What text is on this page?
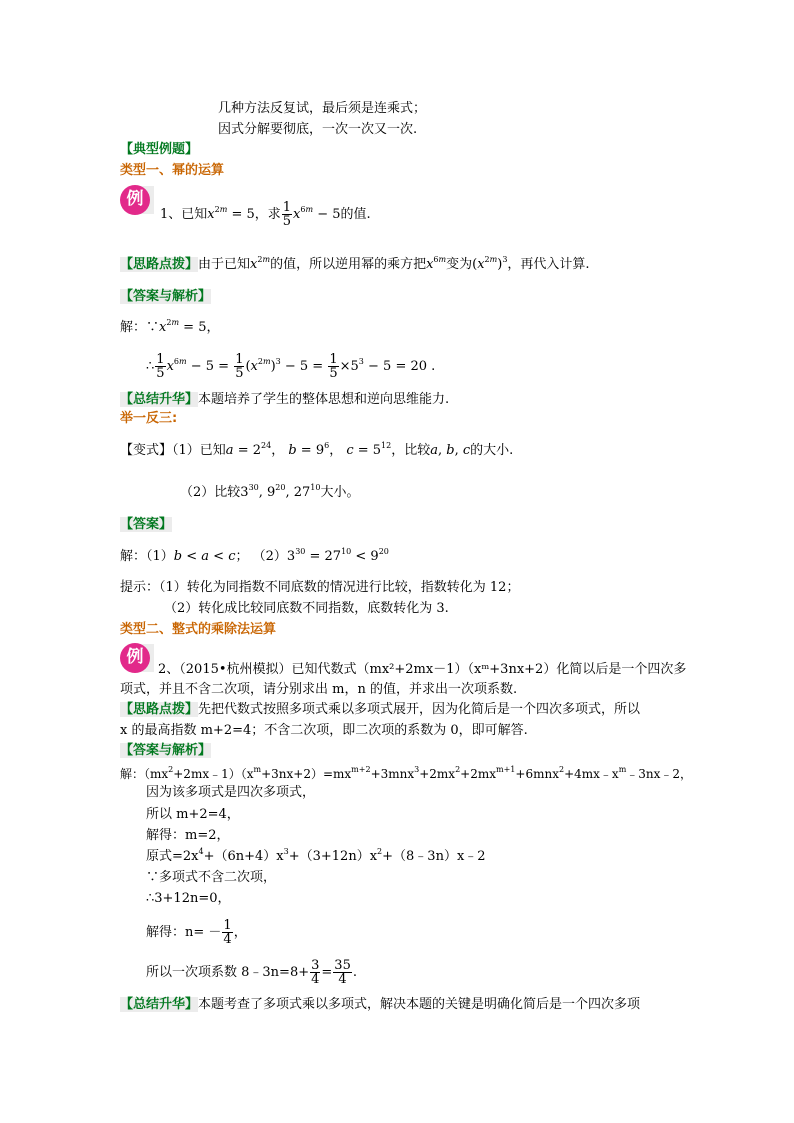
几种方法反复试，最后须是连乘式；
因式分解要彻底，一次一次又一次.
【典型例题】
类型一、幂的运算
例
1、已知$x^{2m} = 5$，求 $\frac{1}{5} x^{6m} - 5$的值.
【思路点拨】由于已知$x^{2m}$的值，所以逆用幂的乘方把$x^{6m}$变为$(x^{2m})^3$，再代入计算.
【答案与解析】
解：$\because x^{2m} = 5$，
∴ $\frac{1}{5} x^{6m} - 5 = \frac{1}{5} (x^{2m})^3 - 5 = \frac{1}{5} \times 5^3 - 5 = 20$ .
【总结升华】本题培养了学生的整体思想和逆向思维能力.
举一反三:
【变式】（1）已知$a = 2^{24}$， $b = 9^6$， $c = 5^{12}$，比较a, b, c的大小.
（2）比较$3^{30}$, $9^{20}$, $27^{10}$大小。
【答案】
解：（1）b < a < c； $(2)3^{30} = 27^{10} < 9^{20}$
提示：（1）转化为同指数不同底数的情况进行比较，指数转化为 12；
（2）转化成比较同底数不同指数，底数转化为 3.
类型二、整式的乘除法运算
例
2、（2015•杭州模拟）已知代数式（mx²+2mx－1）（xᵐ+3nx+2）化简以后是一个四次多
项式，并且不含二次项，请分别求出 m，n 的值，并求出一次项系数.
【思路点拨】先把代数式按照多项式乘以多项式展开，因为化简后是一个四次多项式，所以
x 的最高指数 m+2=4；不含二次项，即二次项的系数为 0，即可解答.
【答案与解析】
解：$(mx^2+2mx﹣1)(x^m+3nx+2)=mx^{m+2}+3mnx^3+2mx^2+2mx^{m+1}+6mnx^2+4mx﹣x^m﹣3nx﹣2$，
因为该多项式是四次多项式，
所以 m+2=4，
解得：m=2，
原式$=2x^4+(6n+4)x^3+(3+12n)x^2+(8﹣3n)x﹣2$
∵多项式不含二次项，
∴3+12n=0，
解得：$n= - \frac{1}{4}$ ，
所以一次项系数 8﹣3n=8+ $\frac{3}{4} = \frac{35}{4}$ .
【总结升华】本题考查了多项式乘以多项式，解决本题的关键是明确化简后是一个四次多项
